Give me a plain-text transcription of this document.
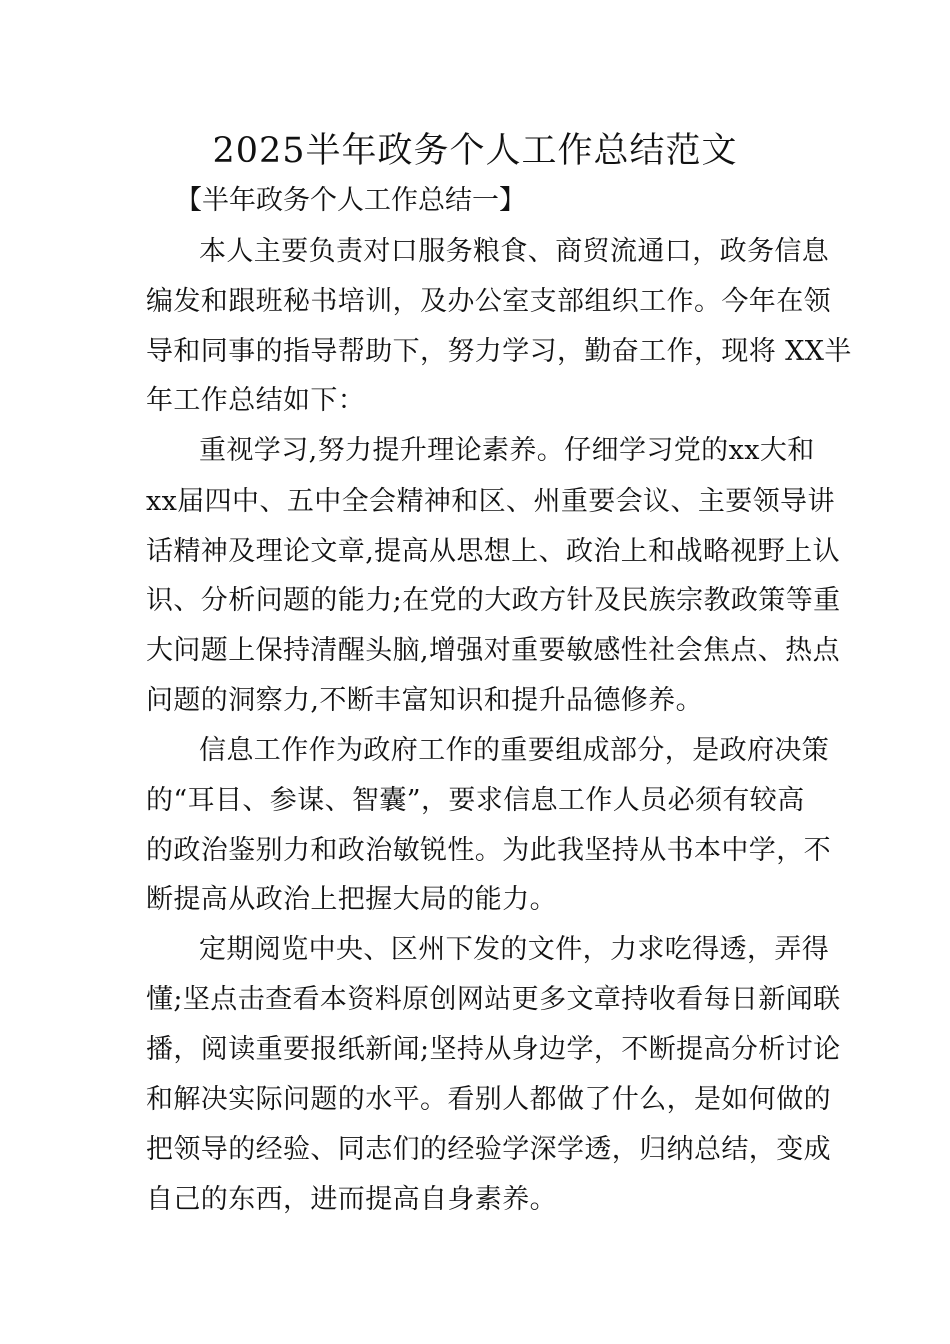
2025半年政务个人工作总结范文
【半年政务个人工作总结一】
本人主要负责对口服务粮食、商贸流通口，政务信息
编发和跟班秘书培训，及办公室支部组织工作。今年在领
导和同事的指导帮助下，努力学习，勤奋工作，现将 XX半
年工作总结如下：
重视学习,努力提升理论素养。仔细学习党的xx大和
xx届四中、五中全会精神和区、州重要会议、主要领导讲
话精神及理论文章,提高从思想上、政治上和战略视野上认
识、分析问题的能力;在党的大政方针及民族宗教政策等重
大问题上保持清醒头脑,增强对重要敏感性社会焦点、热点
问题的洞察力,不断丰富知识和提升品德修养。
信息工作作为政府工作的重要组成部分，是政府决策
的“耳目、参谋、智囊”，要求信息工作人员必须有较高
的政治鉴别力和政治敏锐性。为此我坚持从书本中学，不
断提高从政治上把握大局的能力。
定期阅览中央、区州下发的文件，力求吃得透，弄得
懂;坚点击查看本资料原创网站更多文章持收看每日新闻联
播，阅读重要报纸新闻;坚持从身边学，不断提高分析讨论
和解决实际问题的水平。看别人都做了什么，是如何做的
把领导的经验、同志们的经验学深学透，归纳总结，变成
自己的东西，进而提高自身素养。
